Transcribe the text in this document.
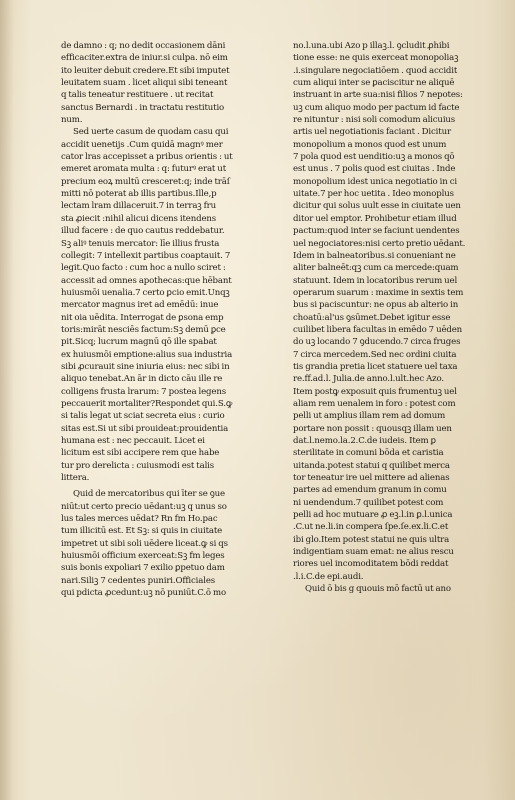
de damno : q; no dedit occasionem dāni
efficaciter.extra de iniur.si culpa. nō eim
ito leuiter debuit credere.Et sibi imputet
leuitatem suam . licet aliqui sibi teneant
q talis teneatur restituere . ut recitat
sanctus Bernardi . in tractatu restitutio
num.
Sed uerte casum de quodam casu qui
accidit uenetijs .Cum quidā magnꝰ mer
cator lras accepisset a pribus orientis : ut
emeret aromata multa : q: futurꝰ erat ut
precium eoꝝ multū cresceret:q; inde trāſ
mitti nō poterat ab illis partibus.Ille,p
lectam lram dillaceruit.7 in terraꝫ fru
sta ꝓiecit :nihil alicui dicens itendens
illud facere : de quo cautus reddebatur.
Sꝫ aliꝰ tenuis mercator: līe illius frusta
collegit: 7 intellexit partibus coaptauit. 7
legit.Quo facto : cum hoc a nullo sciret :
accessit ad omnes apothecas:que hēbant
huiusmōi uenalia.7 certo ꝑcio emit.Unqꝫ
mercator magnus iret ad emēdū: inue
nit oia uēdita. Interrogat de ꝑsona emp
toris:mirāt nesciēs factum:Sꝫ demū ꝑce
pit.Sicq; lucrum magnū qō ille spabat
ex huiusmōi emptione:alius sua industria
sibi ꝓcurauit sine iniuria eius: nec sibi in
aliquo tenebat.An ār in dicto cāu ille re
colligens frusta lrarum: 7 postea legens
peccauerit mortaliter?Respondet qui.S.ꝙ
si talis legat ut sciat secreta eius : curio
sitas est.Si ut sibi prouideat:prouidentia
humana est : nec peccauit. Licet ei
licitum est sibi accipere rem que habe
tur pro derelicta : cuiusmodi est talis
littera.
Quid de mercatoribus qui īter se ꝯue
niūt:ut certo precio uēdant:uꝫ q unus so
lus tales merces uēdat? Rn fm Ho.pac
tum illicitū est. Et Sꝫ: si quis in ciuitate
impetret ut sibi soli uēdere liceat.ꝙ si qs
huiusmōi officium exerceat:Sꝫ fm leges
suis bonis expoliari 7 exilio ꝑpetuo dam
nari.Siliꝫ 7 cedentes puniri.Officiales
qui pdicta ꝓcedunt:uꝫ nō puniūt.C.ō mo
no.l.una.ubi Azo p illaꝫ.l. ꝯcludit ꝓhibi
tione esse: ne quis exerceat monopoliaꝫ
.i.singulare negociatiōem . quod accidit
cum aliqui inter se ꝑaciscitur ne aliquē
instruant in arte sua:nisi filios 7 nepotes:
uꝫ cum aliquo modo per pactum id facte
re nituntur : nisi soli comodum alicuius
artis uel negotiationis faciant . Dicitur
monopolium a monos quod est unum
7 pola quod est uenditio:uꝫ a monos qō
est unus . 7 polis quod est ciuitas . Inde
monopolium idest unica negotiatio in ci
uitate.7 per hoc uetita . Ideo monoplus
dicitur qui solus uult esse in ciuitate uen
ditor uel emptor. Prohibetur etiam illud
pactum:quod inter se faciunt uendentes
uel negociatores:nisi certo pretio uēdant.
Idem in balneatoribus.si conueniant ne
aliter balneēt:qꝫ cum ca mercede:quam
statuunt. Idem in locatoribus rerum uel
operarum suarum : maxime in sextis tem
bus si paciscuntur: ne opus ab alterio in
choatū:al'us ꝯsūmet.Debet igitur esse
cuilibet libera facultas in emēdo 7 uēden
do uꝫ locando 7 ꝯducendo.7 circa fruges
7 circa mercedem.Sed nec ordini ciuita
tis grandia pretia licet statuere uel taxa
re.ff.ad.l. Julia.de anno.l.ult.hec Azo.
Item postꝙ exposuit quis frumentuꝫ uel
aliam rem uenalem in foro : potest com
pelli ut amplius illam rem ad domum
portare non possit : quousqꝫ illam uen
dat.l.nemo.la.2.C.de iudeis. Item ꝑ
sterilitate in comuni bōda et caristia
uitanda.potest statui q quilibet merca
tor teneatur ire uel mittere ad alienas
partes ad emendum granum in comu
ni uendendum.7 quilibet potest com
pelli ad hoc mutuare ꝓ eꝫ.l.in ꝑ.l.unica
.C.ut ne.li.in compera ſpe.ſe.ex.li.C.et
ibi glo.Item potest statui ne quis ultra
indigentiam suam emat: ne alius rescu
riores uel incomoditatem bōdi reddat
.l.i.C.de epi.audi.
Quid ō bis g quouis mō factū ut ano
